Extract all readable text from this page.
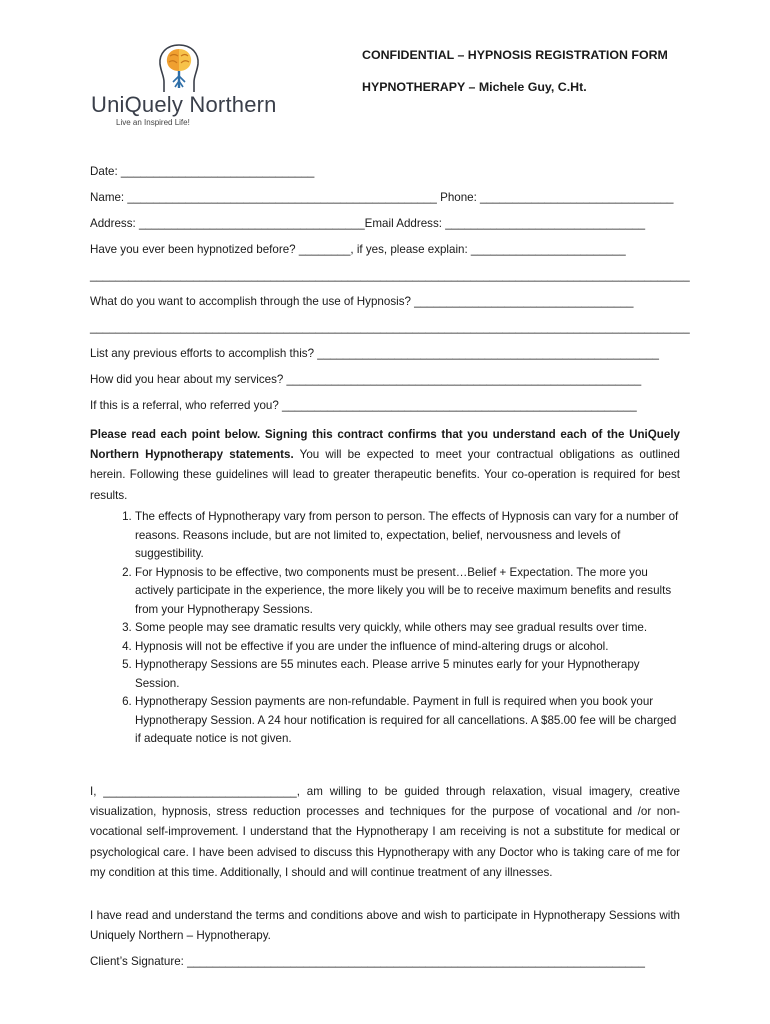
UniQuely Northern
Live an Inspired Life!
CONFIDENTIAL – HYPNOSIS REGISTRATION FORM
HYPNOTHERAPY – Michele Guy, C.Ht.
Date: ______________________________
Name: ________________________________________________ Phone: ______________________________
Address: ___________________________________Email Address: _______________________________
Have you ever been hypnotized before? ________, if yes, please explain: ________________________
_____________________________________________________________________________________________
What do you want to accomplish through the use of Hypnosis? __________________________________
_____________________________________________________________________________________________
List any previous efforts to accomplish this? _____________________________________________________
How did you hear about my services? _______________________________________________________
If this is a referral, who referred you? _______________________________________________________
Please read each point below. Signing this contract confirms that you understand each of the UniQuely Northern Hypnotherapy statements. You will be expected to meet your contractual obligations as outlined herein. Following these guidelines will lead to greater therapeutic benefits. Your co-operation is required for best results.
1. The effects of Hypnotherapy vary from person to person. The effects of Hypnosis can vary for a number of reasons. Reasons include, but are not limited to, expectation, belief, nervousness and levels of suggestibility.
2. For Hypnosis to be effective, two components must be present…Belief + Expectation. The more you actively participate in the experience, the more likely you will be to receive maximum benefits and results from your Hypnotherapy Sessions.
3. Some people may see dramatic results very quickly, while others may see gradual results over time.
4. Hypnosis will not be effective if you are under the influence of mind-altering drugs or alcohol.
5. Hypnotherapy Sessions are 55 minutes each. Please arrive 5 minutes early for your Hypnotherapy Session.
6. Hypnotherapy Session payments are non-refundable. Payment in full is required when you book your Hypnotherapy Session. A 24 hour notification is required for all cancellations. A $85.00 fee will be charged if adequate notice is not given.
I, ______________________________, am willing to be guided through relaxation, visual imagery, creative visualization, hypnosis, stress reduction processes and techniques for the purpose of vocational and /or non-vocational self-improvement. I understand that the Hypnotherapy I am receiving is not a substitute for medical or psychological care. I have been advised to discuss this Hypnotherapy with any Doctor who is taking care of me for my condition at this time. Additionally, I should and will continue treatment of any illnesses.
I have read and understand the terms and conditions above and wish to participate in Hypnotherapy Sessions with Uniquely Northern – Hypnotherapy.
Client’s Signature: _______________________________________________________________________
